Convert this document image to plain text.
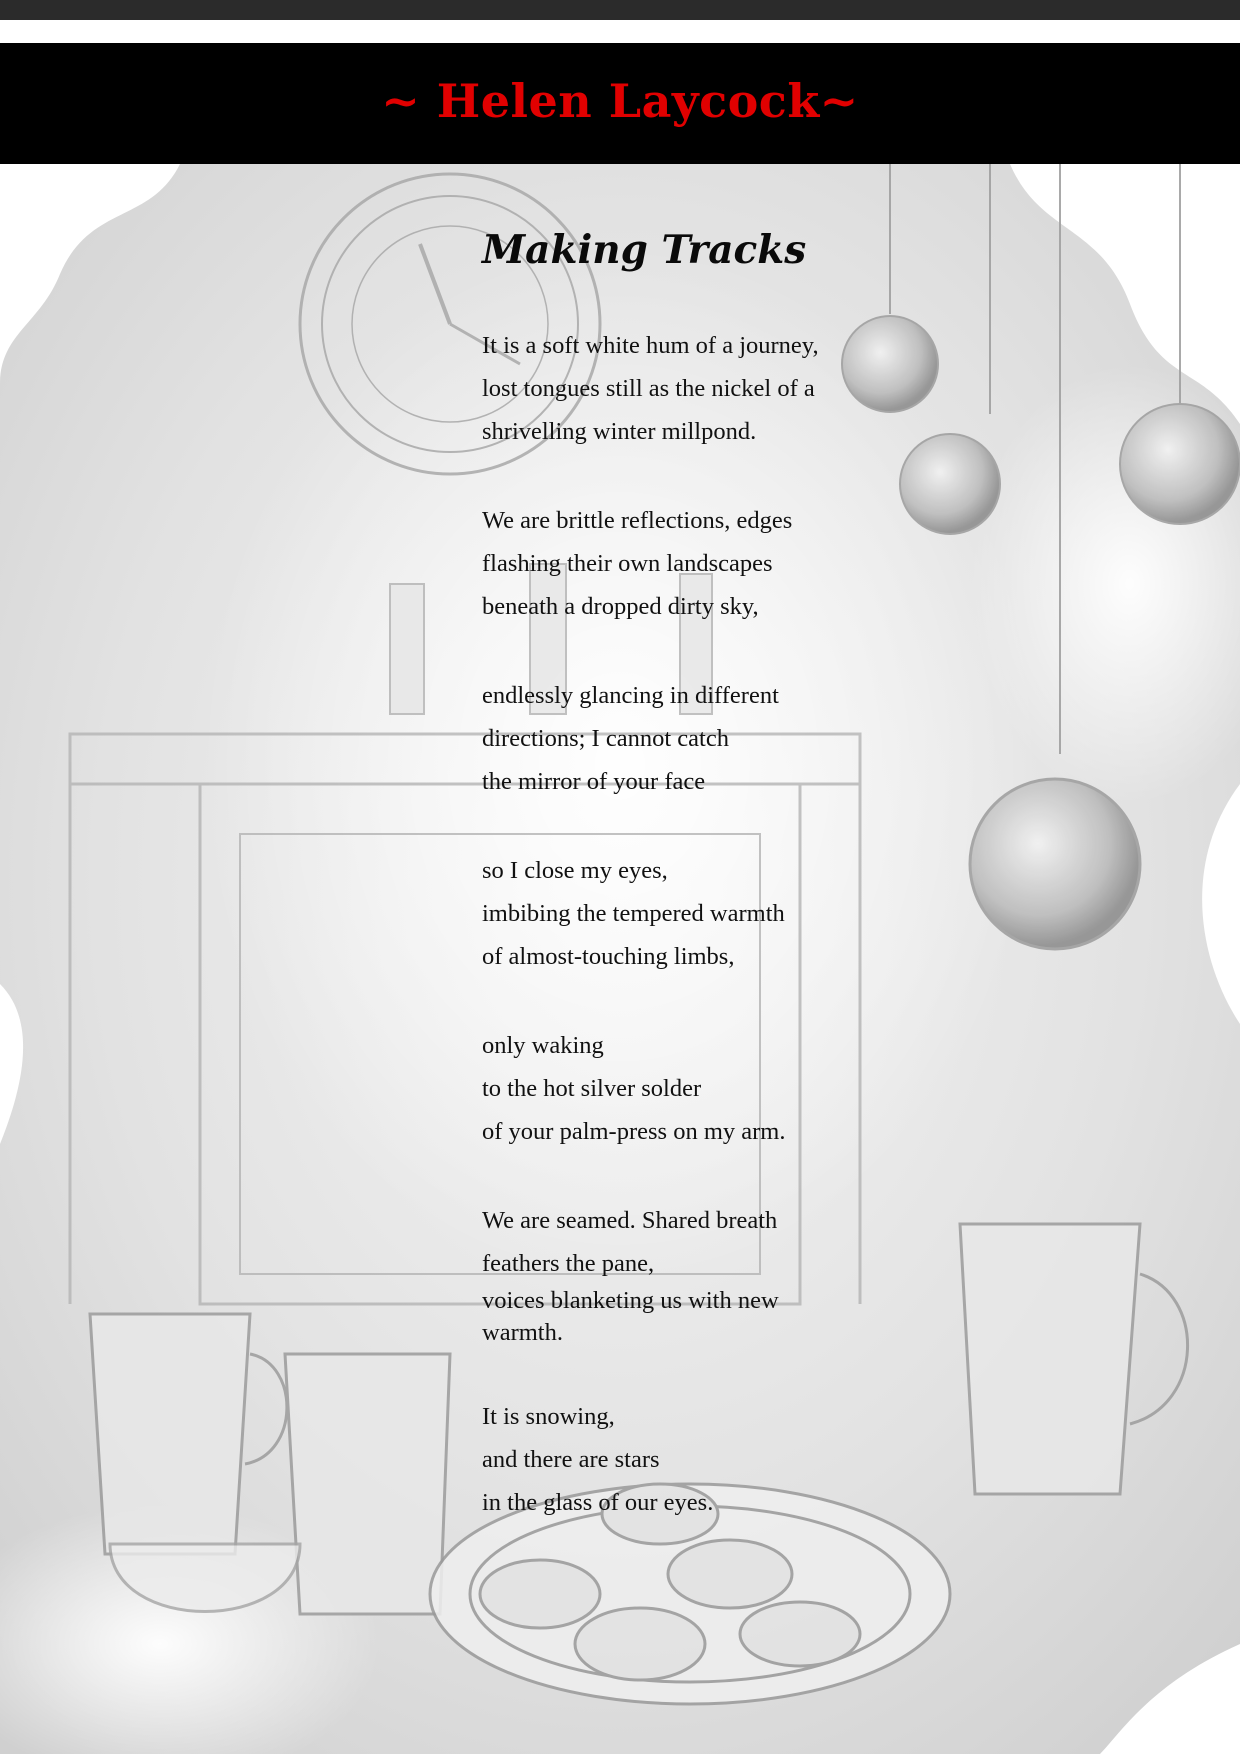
~ Helen Laycock~
Making Tracks
It is a soft white hum of a journey,
lost tongues still as the nickel of a
shrivelling winter millpond.
We are brittle reflections, edges
flashing their own landscapes
beneath a dropped dirty sky,
endlessly glancing in different
directions; I cannot catch
the mirror of your face
so I close my eyes,
imbibing the tempered warmth
of almost-touching limbs,
only waking
to the hot silver solder
of your palm-press on my arm.
We are seamed. Shared breath
feathers the pane,
voices blanketing us with new
warmth.
It is snowing,
and there are stars
in the glass of our eyes.
